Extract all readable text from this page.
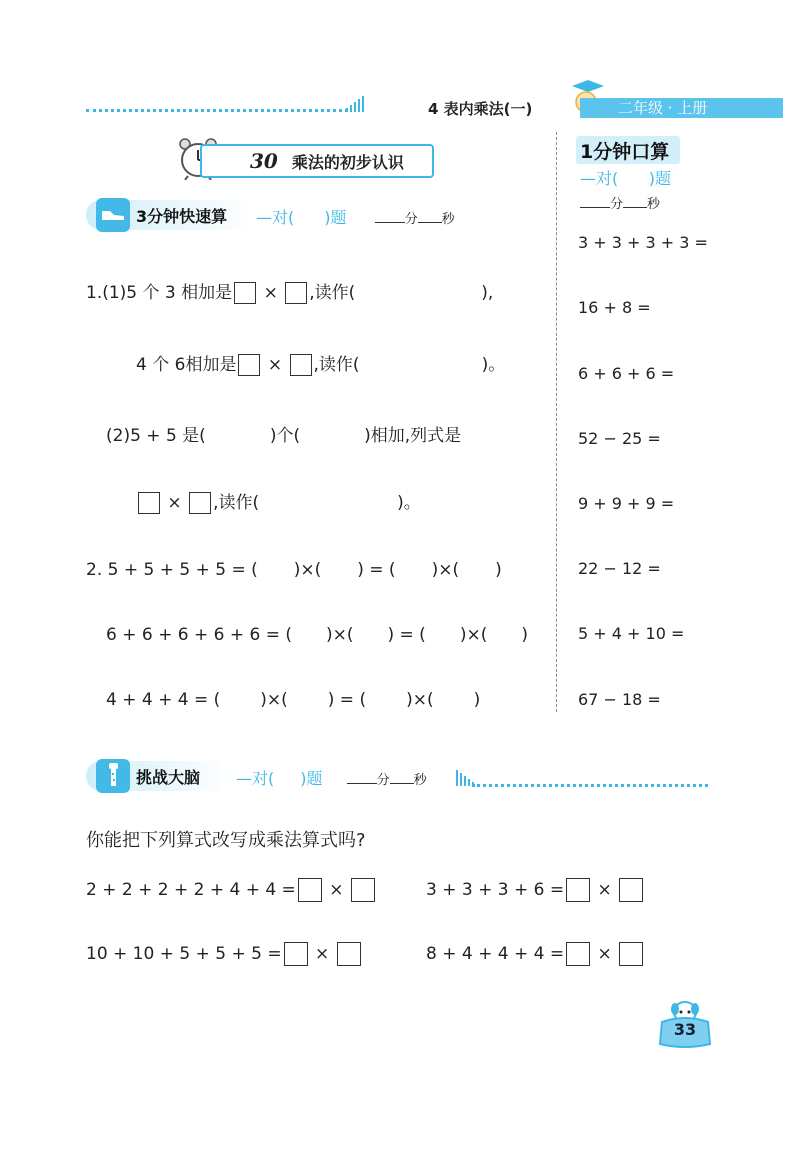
4 表内乘法(一)	二年级 · 上册
30 乘法的初步认识
3分钟快速算 —对( )题	分 秒
1.(1)5 个 3 相加是 × ,读作(	),
4 个 6相加是 × ,读作(	)。
(2)5 + 5 是(	)个(	)相加,列式是
× ,读作(	)。
2. 5 + 5 + 5 + 5 = ( )×( ) = ( )×( )
6 + 6 + 6 + 6 + 6 = ( )×( ) = ( )×( )
4 + 4 + 4 = ( )×( ) = ( )×( )
1分钟口算
—对(      )题
分 秒
3 + 3 + 3 + 3 =
16 + 8 =
6 + 6 + 6 =
52 − 25 =
9 + 9 + 9 =
22 − 12 =
5 + 4 + 10 =
67 − 18 =
挑战大脑 —对( )题	分 秒
你能把下列算式改写成乘法算式吗?
2 + 2 + 2 + 2 + 4 + 4 = ×	3 + 3 + 3 + 6 = ×
10 + 10 + 5 + 5 + 5 = ×	8 + 4 + 4 + 4 = ×
33
